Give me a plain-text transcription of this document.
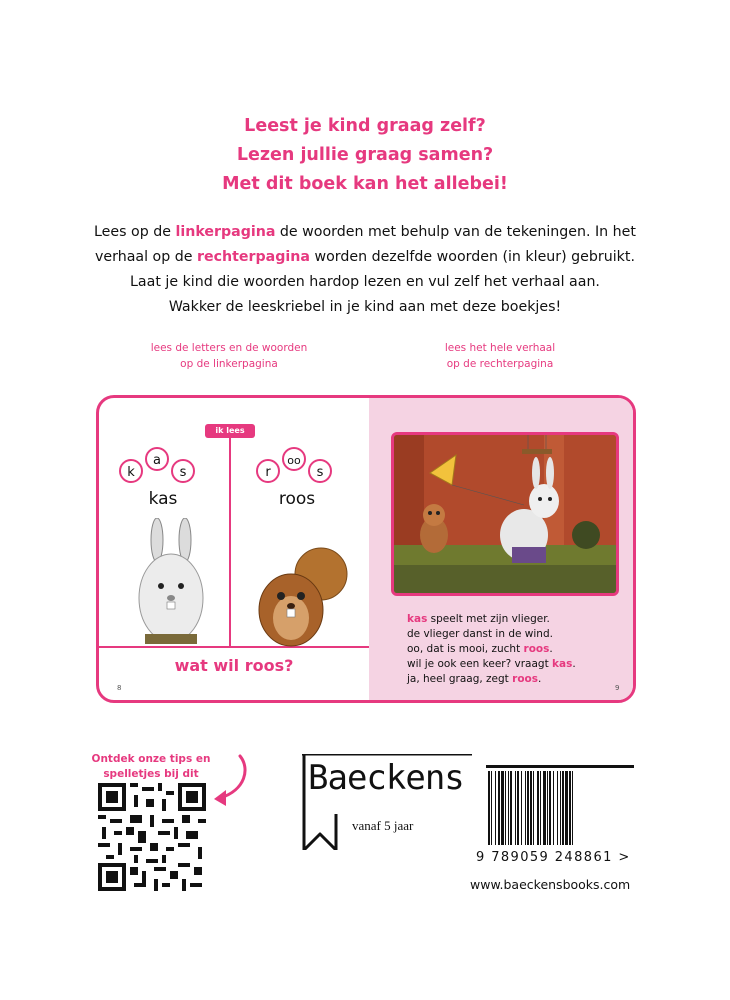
Leest je kind graag zelf?
Lezen jullie graag samen?
Met dit boek kan het allebei!
Lees op de linkerpagina de woorden met behulp van de tekeningen. In het
verhaal op de rechterpagina worden dezelfde woorden (in kleur) gebruikt.
Laat je kind die woorden hardop lezen en vul zelf het verhaal aan.
Wakker de leeskriebel in je kind aan met deze boekjes!
lees de letters en de woorden
op de linkerpagina
lees het hele verhaal
op de rechterpagina
kas speelt met zijn vlieger.
de vlieger danst in de wind.
oo, dat is mooi, zucht roos.
wil je ook een keer? vraagt kas.
ja, heel graag, zegt roos.
9
ik lees
k
a
s
kas
r
oo
s
roos
wat wil roos?
8
Ontdek onze tips en
spelletjes bij dit	Baeckens
vanaf 5 jaar
9 789059 248861 >
www.baeckensbooks.com
